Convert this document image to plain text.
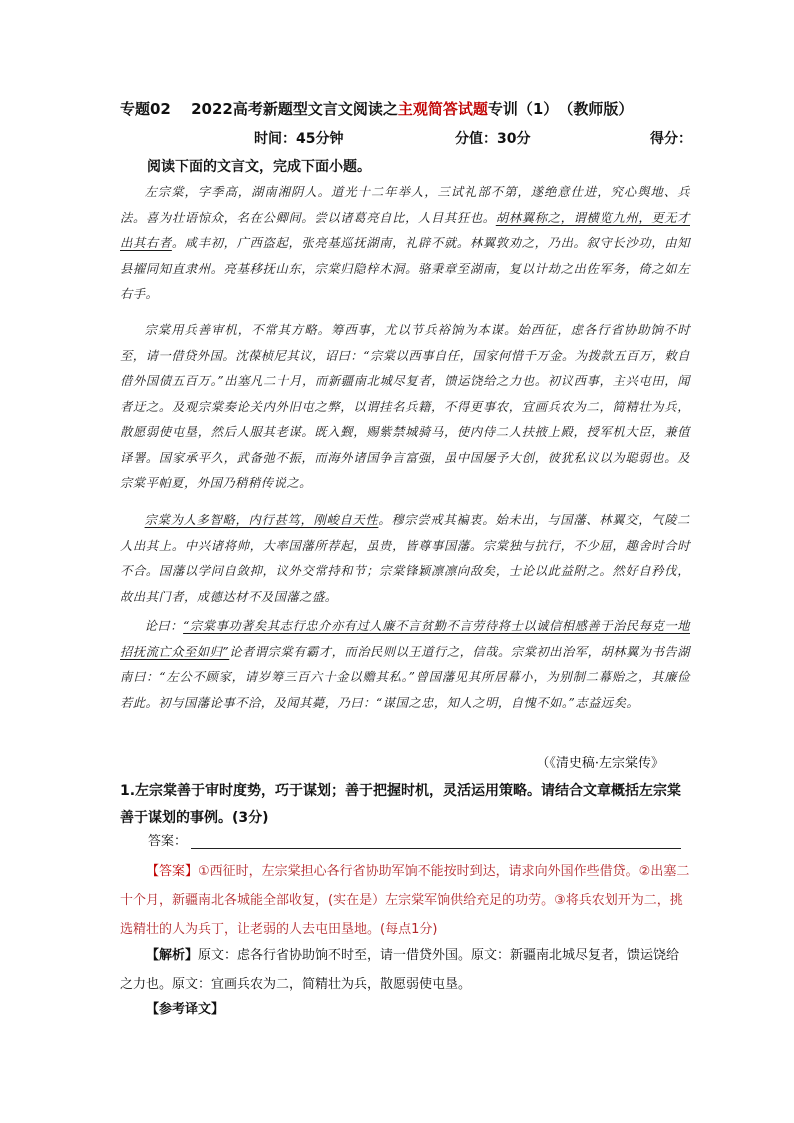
专题02　 2022高考新题型文言文阅读之主观简答试题专训（1）　（教师版）
时间：45分钟	分值：30分	得分：
阅读下面的文言文，完成下面小题。

左宗棠，字季高，湖南湘阴人。道光十二年举人，三试礼部不第，遂绝意仕进，究心舆地、兵法。喜为壮语惊众，名在公卿间。尝以诸葛亮自比，人目其狂也。胡林翼称之，谓横览九州，更无才出其右者。咸丰初，广西盗起，张亮基巡抚湖南，礼辟不就。林翼敦劝之，乃出。叙守长沙功，由知县擢同知直隶州。亮基移抚山东，宗棠归隐梓木洞。骆秉章至湖南，复以计劫之出佐军务，倚之如左右手。

宗棠用兵善审机，不常其方略。筹西事，尤以节兵裕饷为本谋。始西征，虑各行省协助饷不时至，请一借贷外国。沈葆桢尼其议，诏曰：“宗棠以西事自任，国家何惜千万金。为拨款五百万，敕自借外国债五百万。”出塞凡二十月，而新疆南北城尽复者，馈运饶给之力也。初议西事，主兴屯田，闻者迂之。及观宗棠奏论关内外旧屯之弊，以谓挂名兵籍，不得更事农，宜画兵农为二，简精壮为兵，散愿弱使屯垦，然后人服其老谋。既入觐，赐紫禁城骑马，使内侍二人扶掖上殿，授军机大臣，兼值译署。国家承平久，武备弛不振，而海外诸国争言富强，虽中国屡予大创，彼犹私议以为聪弱也。及宗棠平帕夏，外国乃稍稍传说之。

宗棠为人多智略，内行甚笃，刚峻自天性。穆宗尝戒其褊衷。始未出，与国藩、林翼交，气陵二人出其上。中兴诸将帅，大率国藩所荐起，虽贵，皆尊事国藩。宗棠独与抗行，不少屈，趣舍时合时不合。国藩以学问自敛抑，议外交常持和节；宗棠锋颖凛凛向敌矣，士论以此益附之。然好自矜伐，故出其门者，成德达材不及国藩之盛。

论曰：“宗棠事功著矣其志行忠介亦有过人廉不言贫勤不言劳待将士以诚信相感善于治民每克一地招抚流亡众至如归”论者谓宗棠有霸才，而治民则以王道行之，信哉。宗棠初出治军，胡林翼为书告湖南曰：“左公不顾家，请岁筹三百六十金以赡其私。”曾国藩见其所居幕小，为别制二幕贻之，其廉俭若此。初与国藩论事不洽，及闻其薨，乃曰：“谋国之忠，知人之明，自愧不如。”志益远矣。

（《清史稿·左宗棠传》
1.左宗棠善于审时度势，巧于谋划；善于把握时机，灵活运用策略。请结合文章概括左宗棠善于谋划的事例。(3分)
答案：
【答案】①西征时，左宗棠担心各行省协助军饷不能按时到达，请求向外国作些借贷。②出塞二十个月，新疆南北各城能全部收复，(实在是）左宗棠军饷供给充足的功劳。③将兵农划开为二，挑选精壮的人为兵丁，让老弱的人去屯田垦地。(每点1分)
【解析】原文：虑各行省协助饷不时至，请一借贷外国。原文：新疆南北城尽复者，馈运饶给之力也。原文：宜画兵农为二，简精壮为兵，散愿弱使屯垦。
【参考译文】
